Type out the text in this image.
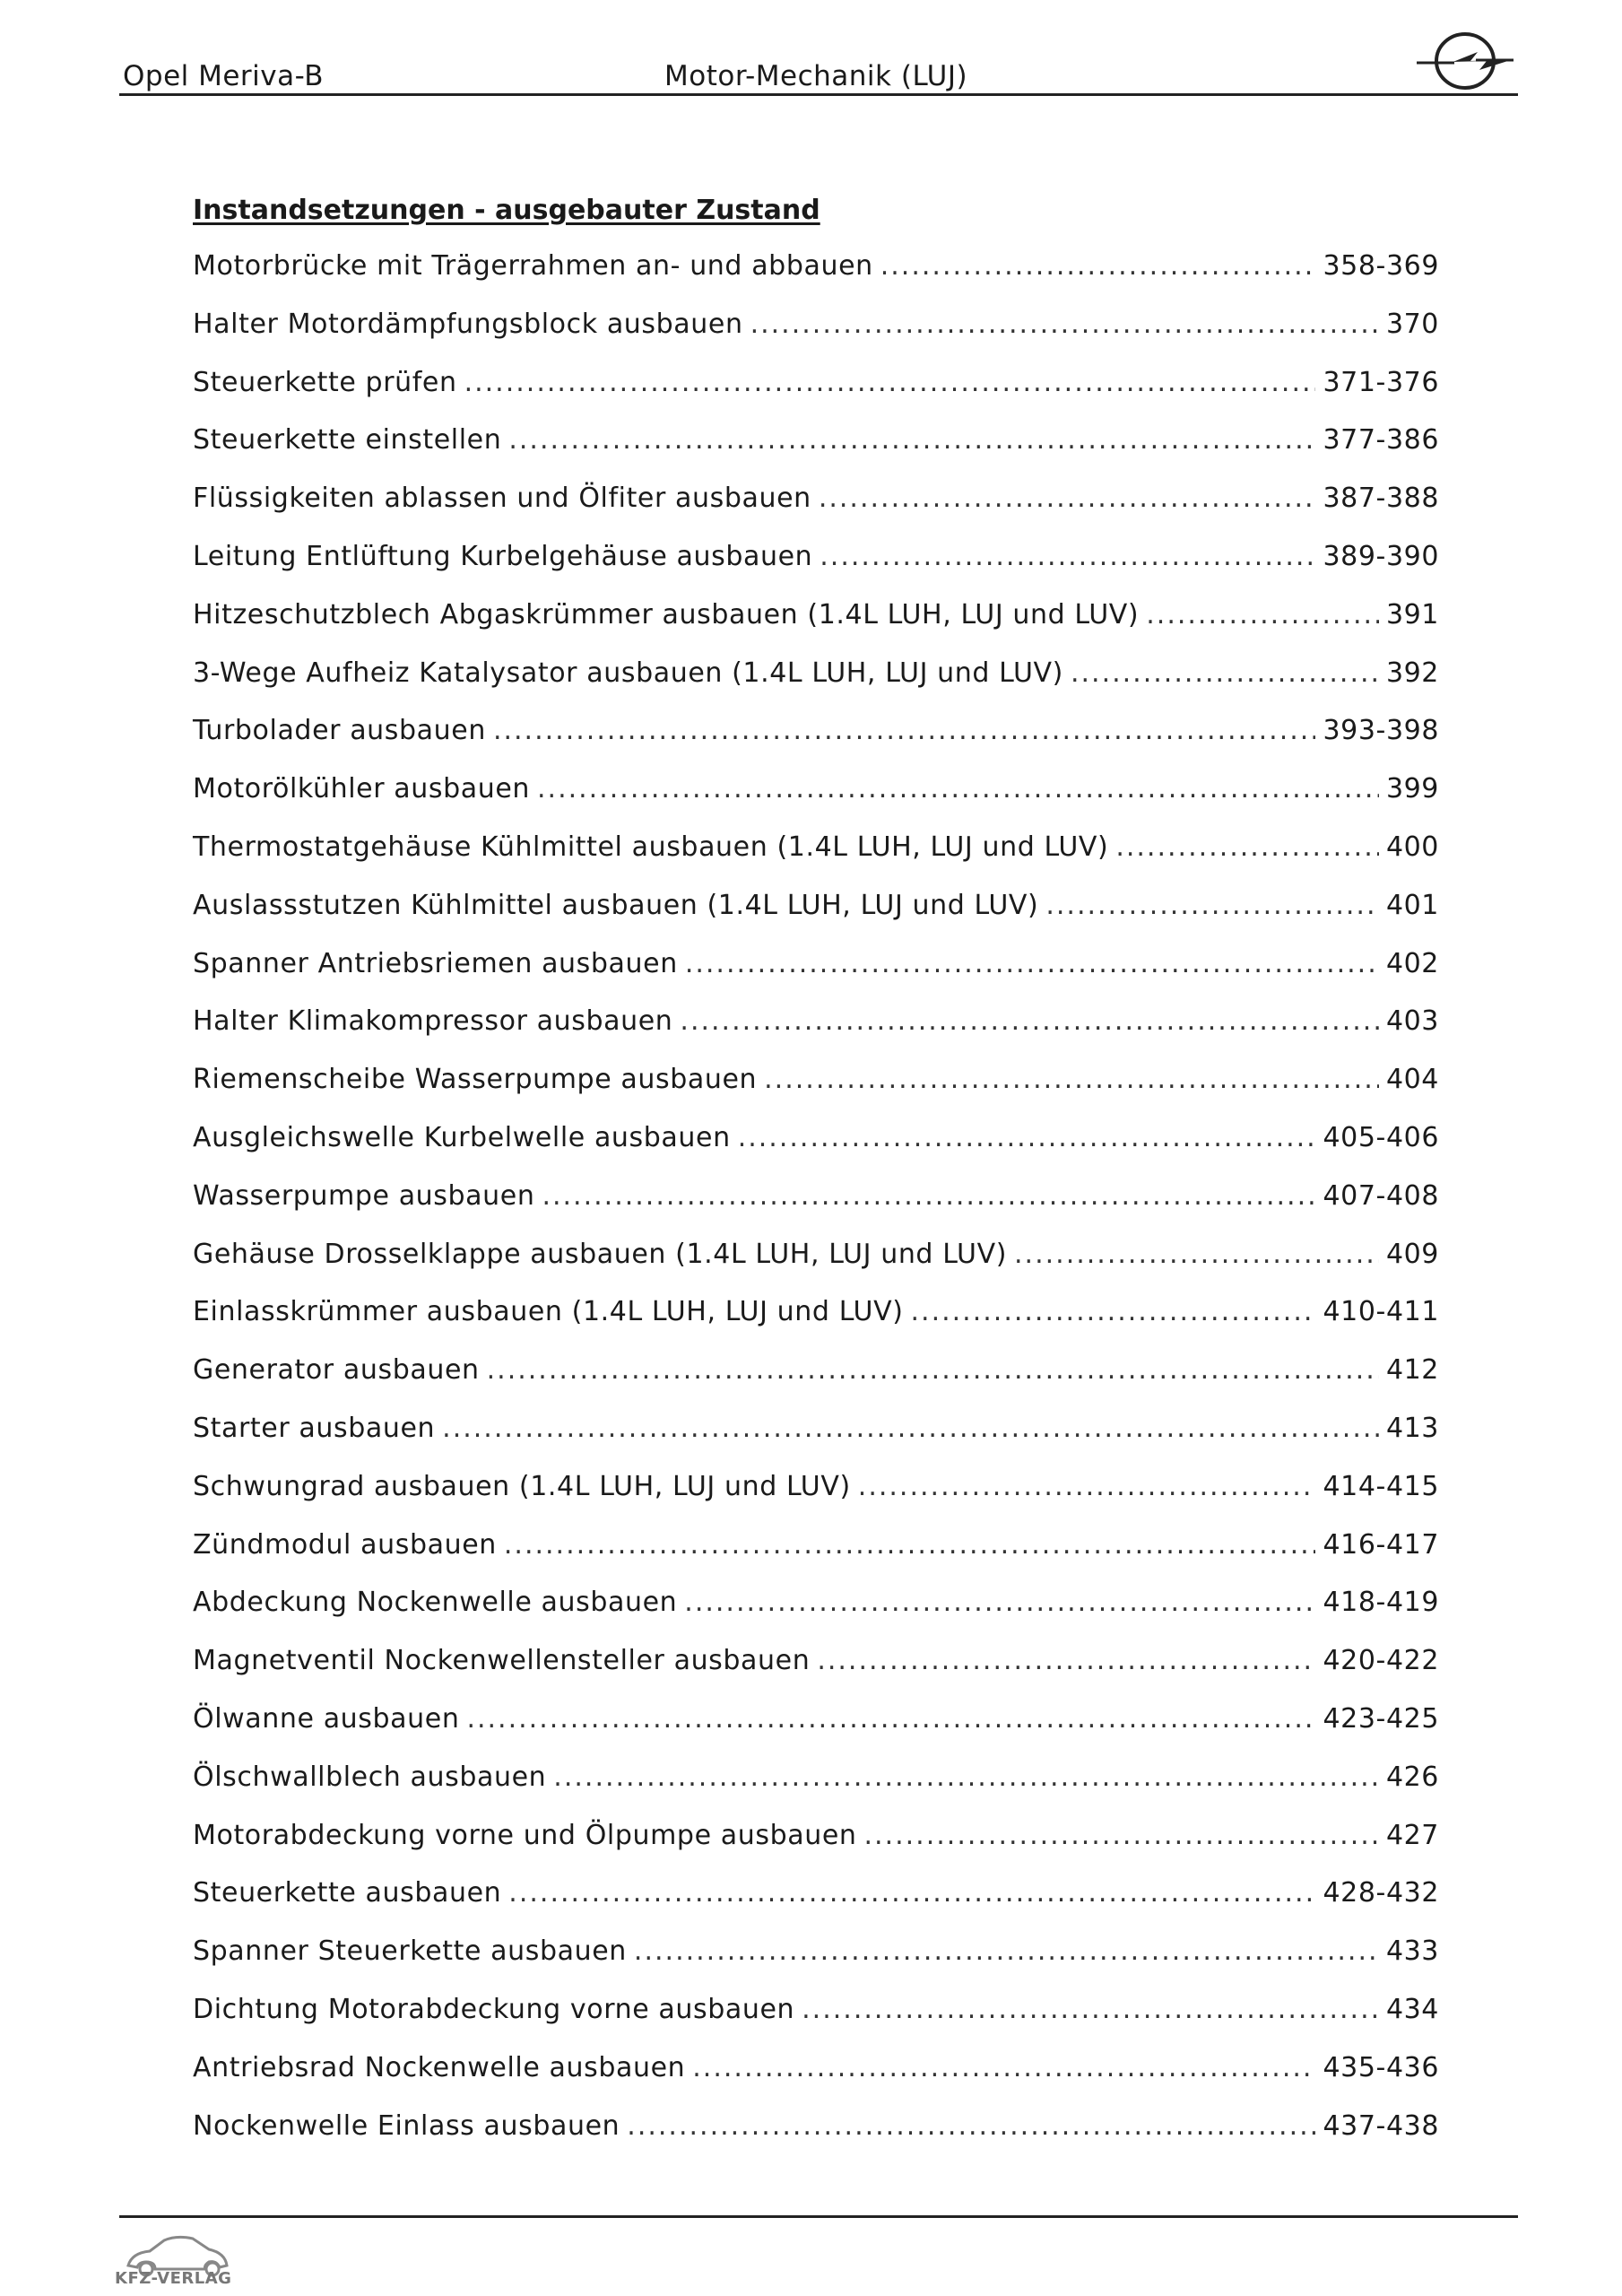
Opel Meriva-B	Motor-Mechanik (LUJ)
Instandsetzungen - ausgebauter Zustand
Motorbrücke mit Trägerrahmen an- und abbauen .....	358-369
Halter Motordämpfungsblock ausbauen .....	370
Steuerkette prüfen .....	371-376
Steuerkette einstellen .....	377-386
Flüssigkeiten ablassen und Ölfiter ausbauen .....	387-388
Leitung Entlüftung Kurbelgehäuse ausbauen .....	389-390
Hitzeschutzblech Abgaskrümmer ausbauen (1.4L LUH, LUJ und LUV) .....	391
3-Wege Aufheiz Katalysator ausbauen (1.4L LUH, LUJ und LUV) .....	392
Turbolader ausbauen .....	393-398
Motorölkühler ausbauen .....	399
Thermostatgehäuse Kühlmittel ausbauen (1.4L LUH, LUJ und LUV) .....	400
Auslassstutzen Kühlmittel ausbauen (1.4L LUH, LUJ und LUV) .....	401
Spanner Antriebsriemen ausbauen .....	402
Halter Klimakompressor ausbauen .....	403
Riemenscheibe Wasserpumpe ausbauen .....	404
Ausgleichswelle Kurbelwelle ausbauen .....	405-406
Wasserpumpe ausbauen .....	407-408
Gehäuse Drosselklappe ausbauen (1.4L LUH, LUJ und LUV) .....	409
Einlasskrümmer ausbauen (1.4L LUH, LUJ und LUV) .....	410-411
Generator ausbauen .....	412
Starter ausbauen .....	413
Schwungrad ausbauen (1.4L LUH, LUJ und LUV) .....	414-415
Zündmodul ausbauen .....	416-417
Abdeckung Nockenwelle ausbauen .....	418-419
Magnetventil Nockenwellensteller ausbauen .....	420-422
Ölwanne ausbauen .....	423-425
Ölschwallblech ausbauen .....	426
Motorabdeckung vorne und Ölpumpe ausbauen .....	427
Steuerkette ausbauen .....	428-432
Spanner Steuerkette ausbauen .....	433
Dichtung Motorabdeckung vorne ausbauen .....	434
Antriebsrad Nockenwelle ausbauen .....	435-436
Nockenwelle Einlass ausbauen .....	437-438
KFZ-VERLAG
